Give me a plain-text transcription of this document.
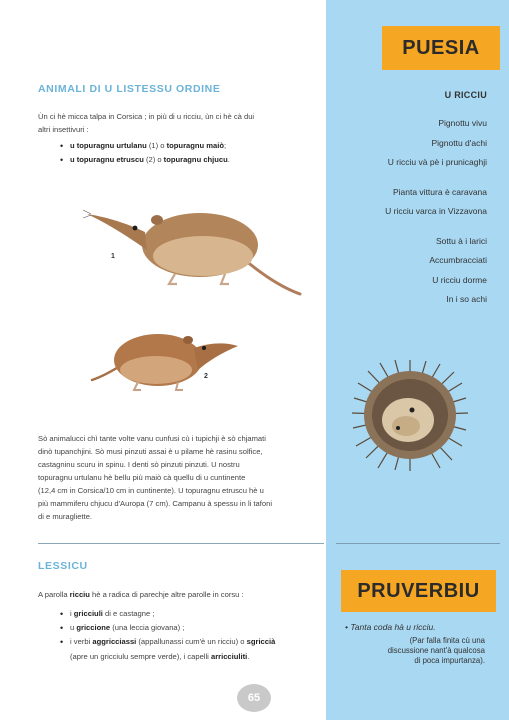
PUESIA
U RICCIU
Pignottu vivu
Pignottu d'achi
U ricciu và pè i prunicaghji
Pianta vittura è caravana
U ricciu varca in Vizzavona
Sottu à i larici
Accumbracciati
U ricciu dorme
In i so achi
PRUVERBIU
• Tanta coda hà u ricciu.
(Par falla finita cù una
discussione nant'à qualcosa
di poca impurtanza).
ANIMALI DI U LISTESSU ORDINE
Ùn ci hè micca talpa in Corsica ; in più di u ricciu, ùn ci hè cà dui
altri insettivuri :
• u topuragnu urtulanu (1) o topuragnu maiò;
• u topuragnu etruscu (2) o topuragnu chjucu.
1
2
Sò animalucci chì tante volte vanu cunfusi cù i tupichji è sò chjamati
dinò tupanchjini. Sò musi pinzuti assai è u pilame hè rasinu solfice,
castagninu scuru in spinu. I denti sò pinzuti pinzuti. U nostru
topuragnu urtulanu hè bellu più maiò cà quellu di u cuntinente
(12,4 cm in Corsica/10 cm in cuntinente). U topuragnu etruscu hè u
più mammiferu chjucu d'Auropa (7 cm). Campanu à spessu in li tafoni
di e muragliette.
LESSICU
A parolla ricciu hè a radica di parechje altre parolle in corsu :
• i gricciuli di e castagne ;
• u griccione (una leccia giovana) ;
• i verbi aggricciassi (appallunassi cum'è un ricciu) o sgriccià
(apre un gricciulu sempre verde), i capelli arricciuliti.
65
